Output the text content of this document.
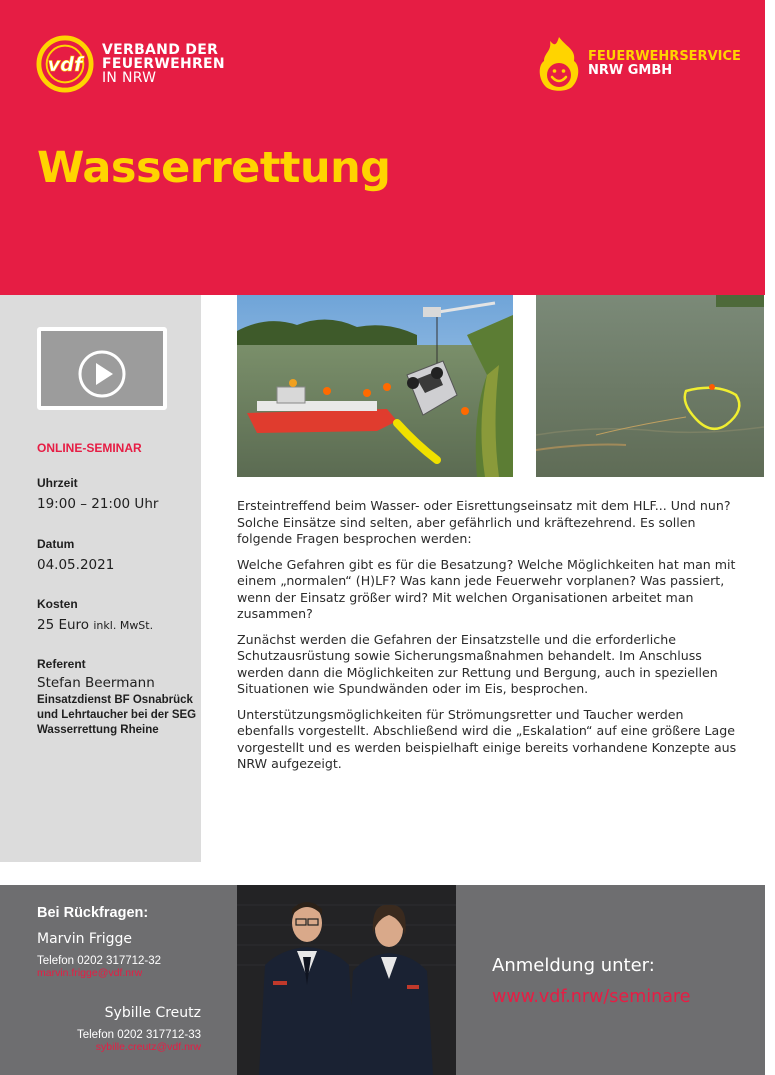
vdf
VERBAND DER
FEUERWEHREN
IN NRW
FEUERWEHRSERVICE
NRW GMBH
Wasserrettung
ONLINE-SEMINAR
Uhrzeit
19:00 – 21:00 Uhr
Datum
04.05.2021
Kosten
25 Euro inkl. MwSt.
Referent
Stefan Beermann
Einsatzdienst BF Osnabrück und Lehrtaucher bei der SEG Wasserrettung Rheine

Ersteintreffend beim Wasser- oder Eisrettungseinsatz mit dem HLF... Und nun? Solche Einsätze sind selten, aber gefährlich und kräftezehrend. Es sollen folgende Fragen besprochen werden:

Welche Gefahren gibt es für die Besatzung? Welche Möglichkeiten hat man mit einem „normalen“ (H)LF? Was kann jede Feuerwehr vorplanen? Was passiert, wenn der Einsatz größer wird? Mit welchen Organisationen arbeitet man zusammen?

Zunächst werden die Gefahren der Einsatzstelle und die erforderliche Schutzausrüstung sowie Sicherungsmaßnahmen behandelt. Im Anschluss werden dann die Möglichkeiten zur Rettung und Bergung, auch in speziellen Situationen wie Spundwänden oder im Eis, besprochen.

Unterstützungsmöglichkeiten für Strömungsretter und Taucher werden ebenfalls vorgestellt. Abschließend wird die „Eskalation“ auf eine größere Lage vorgestellt und es werden beispielhaft einige bereits vorhandene Konzepte aus NRW aufgezeigt.

Bei Rückfragen:
Marvin Frigge
Telefon 0202 317712-32
marvin.frigge@vdf.nrw
Sybille Creutz
Telefon 0202 317712-33
sybille.creutz@vdf.nrw
Anmeldung unter:
www.vdf.nrw/seminare
